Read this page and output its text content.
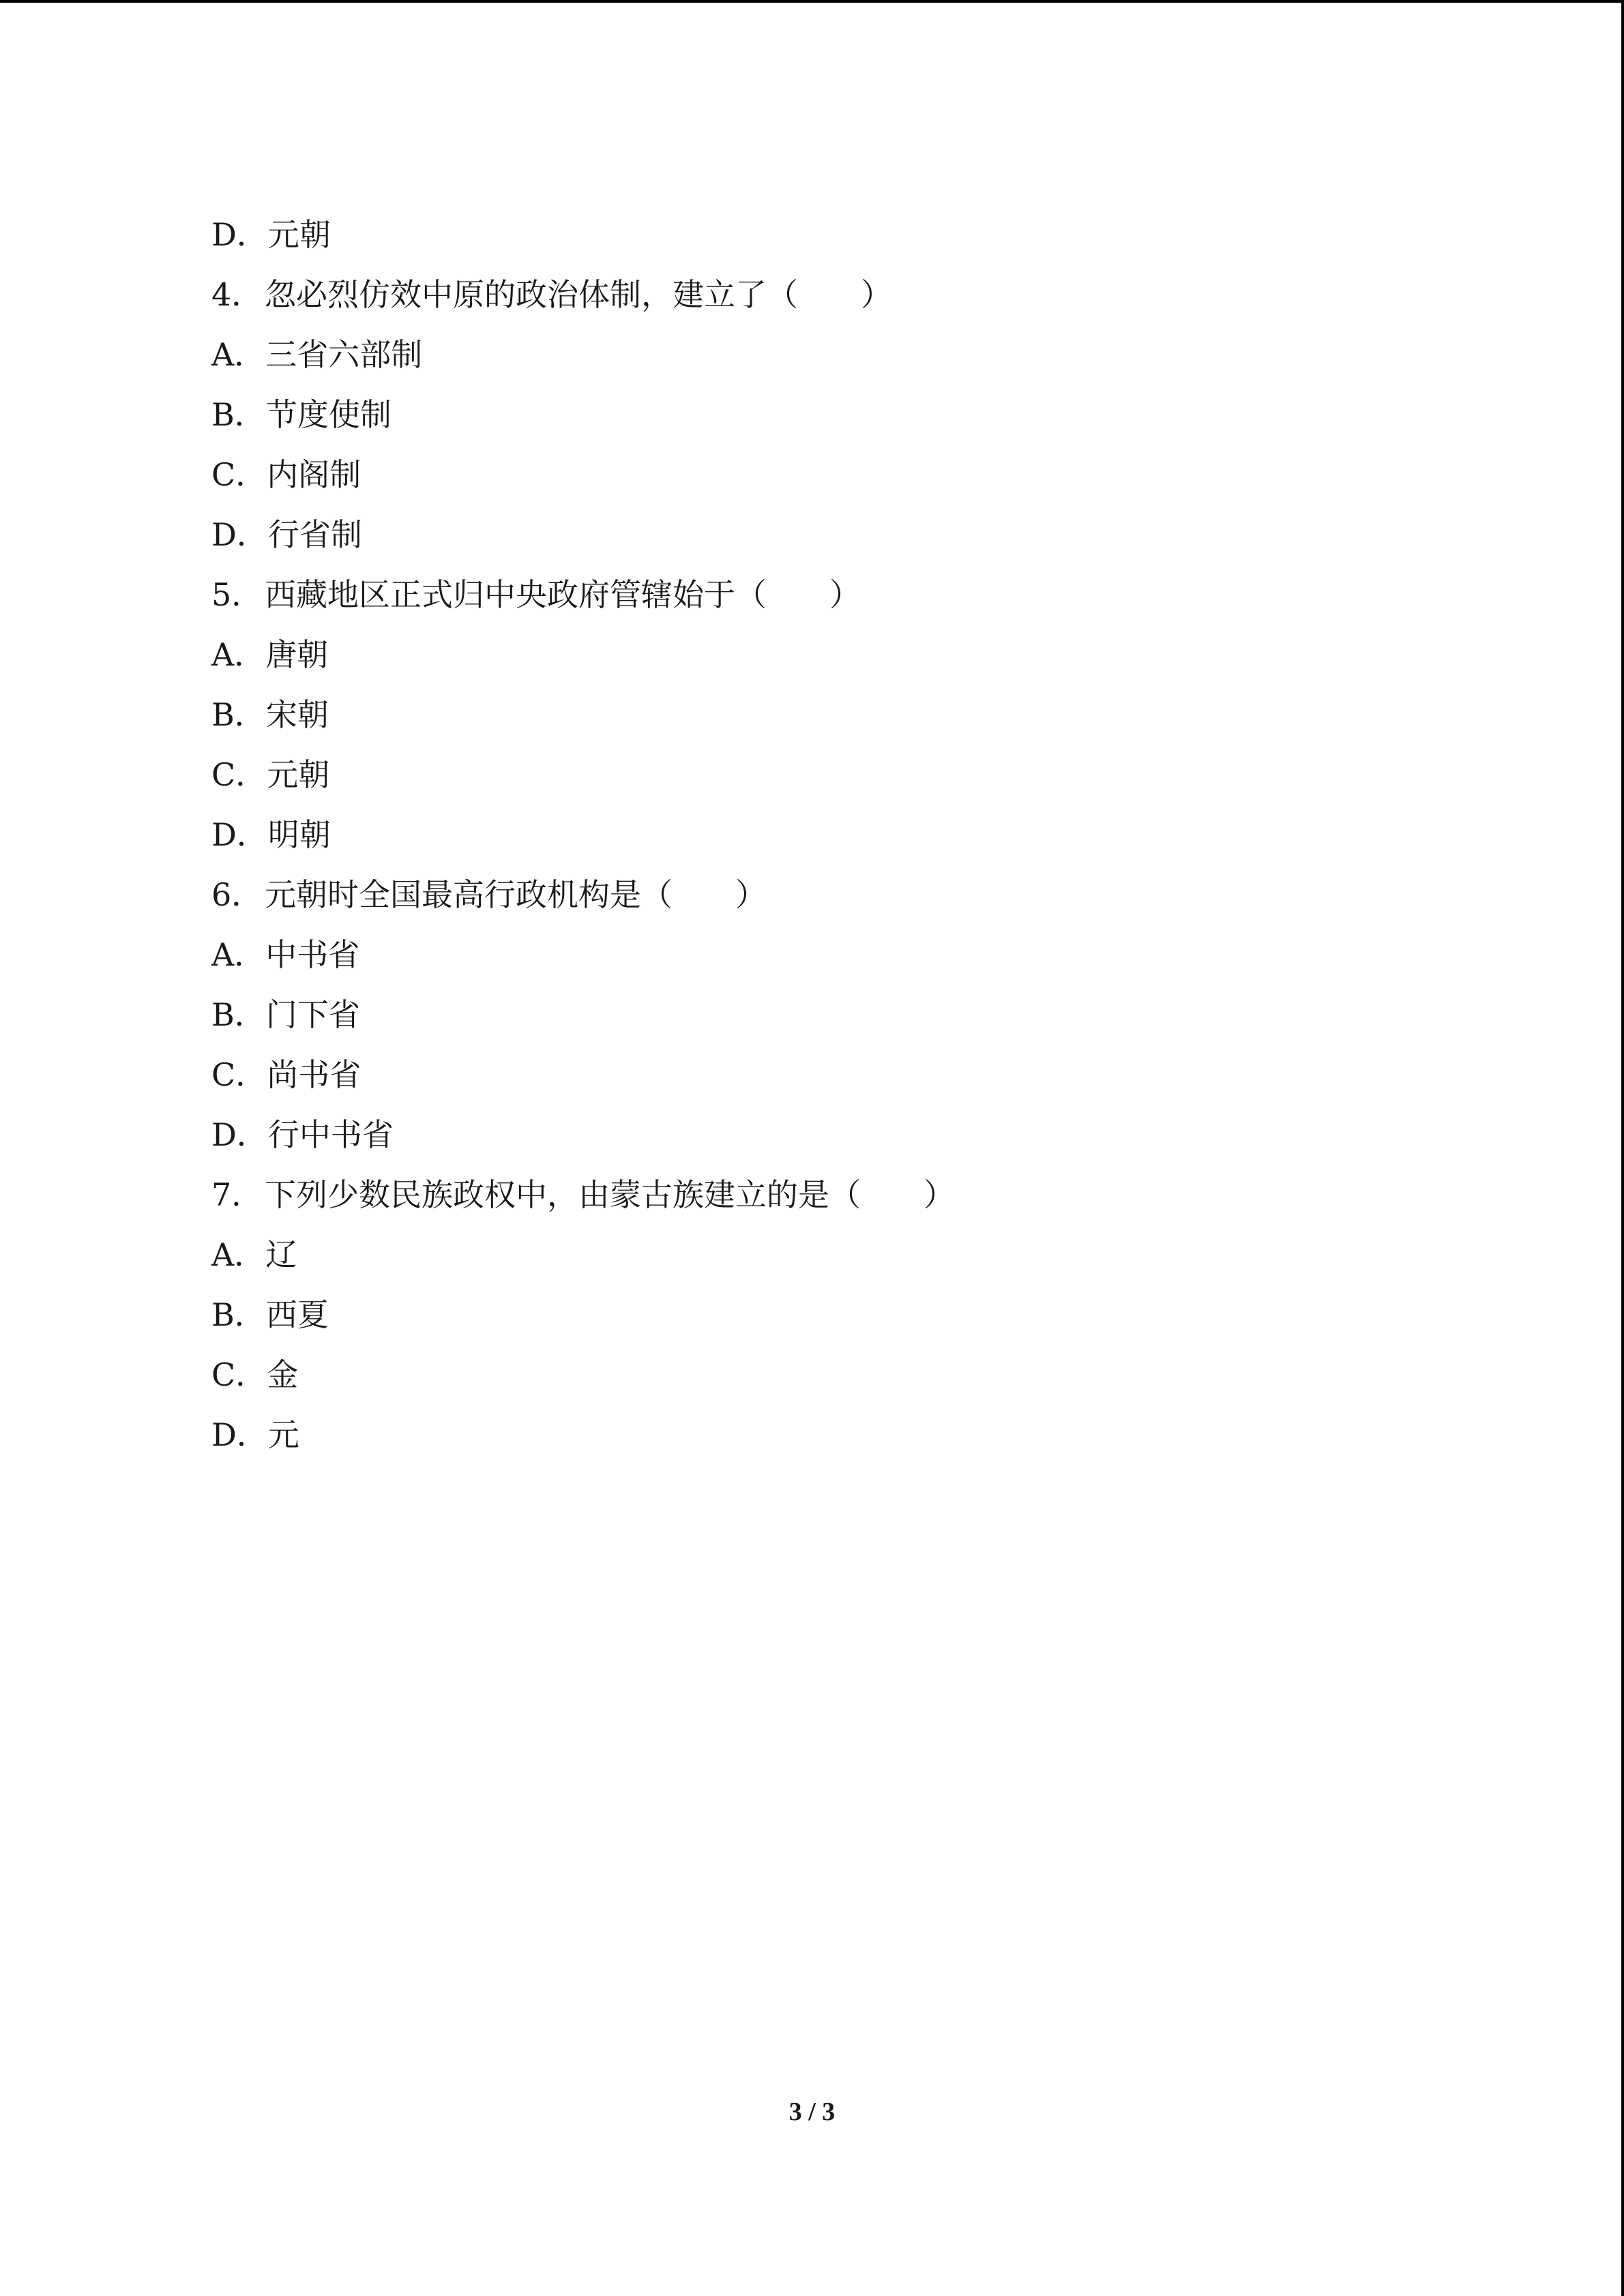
D．元朝
4．忽必烈仿效中原的政治体制，建立了（　　）
A．三省六部制
B．节度使制
C．内阁制
D．行省制
5．西藏地区正式归中央政府管辖始于（　　）
A．唐朝
B．宋朝
C．元朝
D．明朝
6．元朝时全国最高行政机构是（　　）
A．中书省
B．门下省
C．尚书省
D．行中书省
7．下列少数民族政权中，由蒙古族建立的是（　　）
A．辽
B．西夏
C．金
D．元
3 / 3
